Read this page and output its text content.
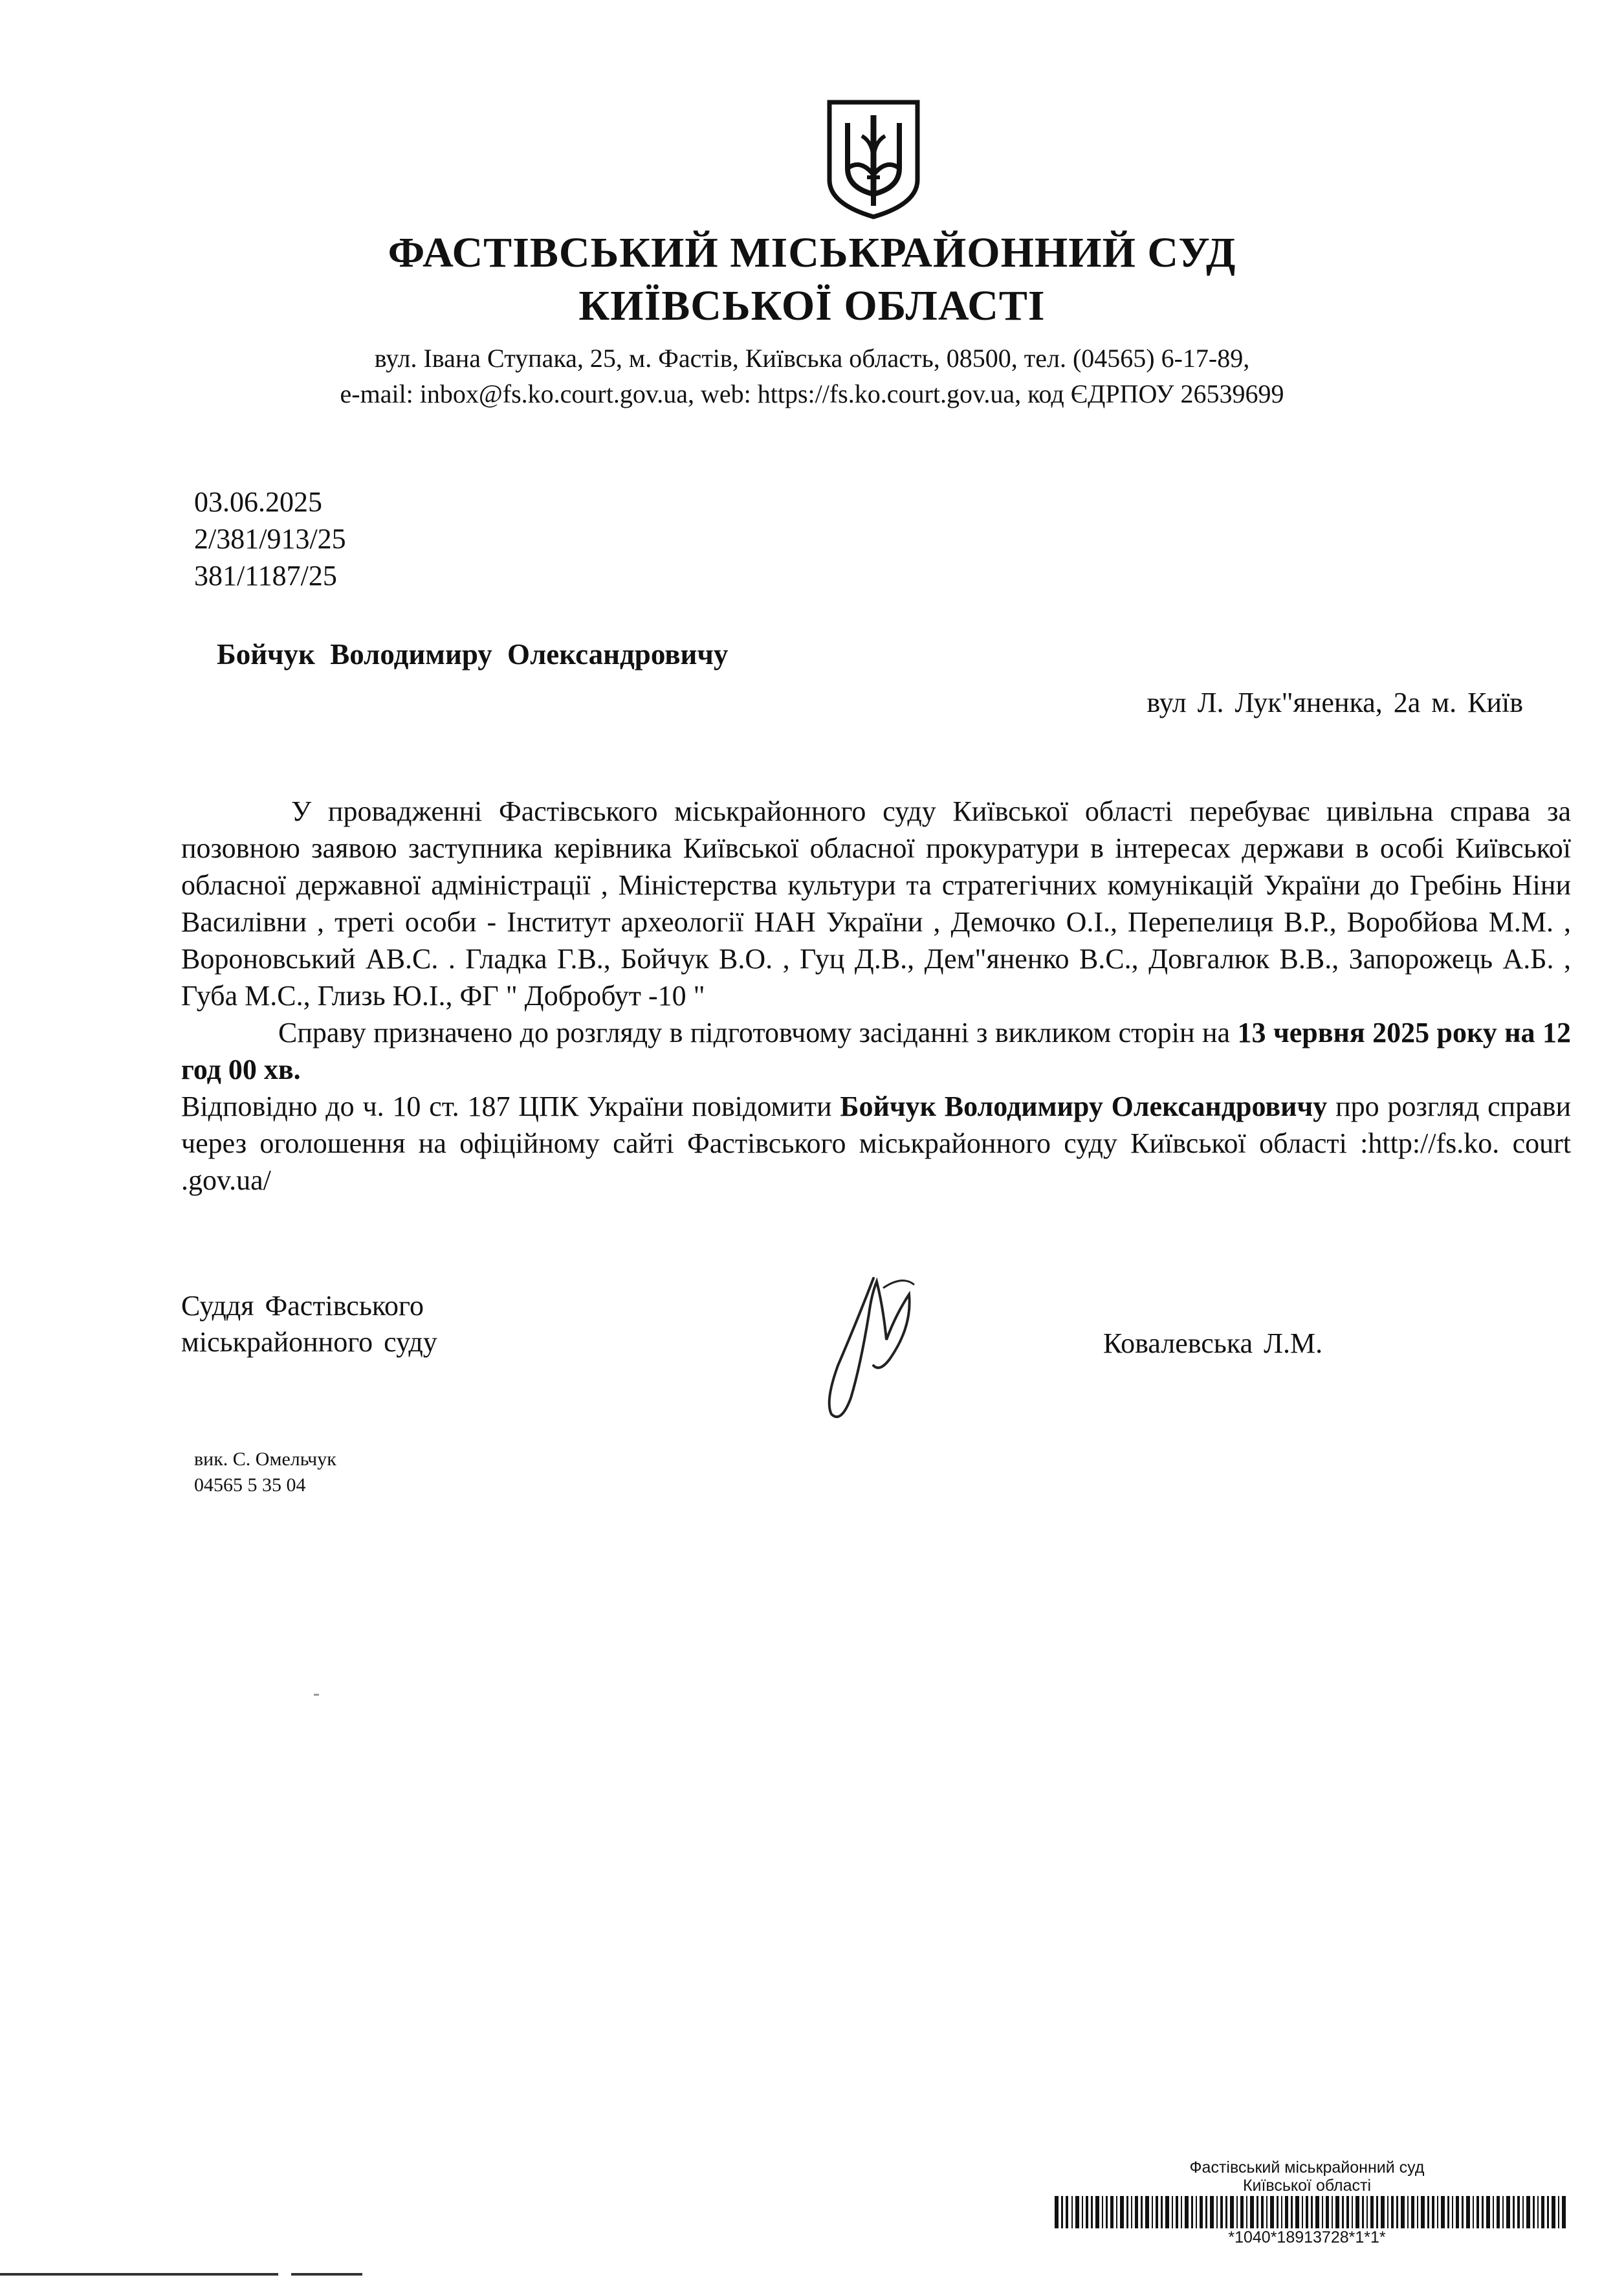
ФАСТІВСЬКИЙ МІСЬКРАЙОННИЙ СУД
КИЇВСЬКОЇ ОБЛАСТІ
вул. Івана Ступака, 25, м. Фастів, Київська область, 08500, тел. (04565) 6-17-89,
e-mail: inbox@fs.ko.court.gov.ua, web: https://fs.ko.court.gov.ua, код ЄДРПОУ 26539699
03.06.2025
2/381/913/25
381/1187/25
Бойчук Володимиру Олександровичу
вул Л. Лук"яненка, 2а м. Київ

У провадженні Фастівського міськрайонного суду Київської області перебуває цивільна справа за позовною заявою заступника керівника Київської обласної прокуратури в інтересах держави в особі Київської обласної державної адміністрації , Міністерства культури та стратегічних комунікацій України до Гребінь Ніни Василівни , треті особи - Інститут археології НАН України , Демочко О.І., Перепелиця В.Р., Воробйова М.М. , Вороновський АВ.С. . Гладка Г.В., Бойчук В.О. , Гуц Д.В., Дем"яненко В.С., Довгалюк В.В., Запорожець А.Б. , Губа М.С., Глизь Ю.І., ФГ " Добробут -10 "

Справу призначено до розгляду в підготовчому засіданні з викликом сторін на 13 червня 2025 року на 12 год 00 хв.

Відповідно до ч. 10 ст. 187 ЦПК України повідомити Бойчук Володимиру Олександровичу про розгляд справи через оголошення на офіційному сайті Фастівського міськрайонного суду Київської області :http://fs.ko. court .gov.ua/

Суддя Фастівського
міськрайонного суду	Ковалевська Л.М.
вик. С. Омельчук
04565 5 35 04
Фастівський міськрайонний суд
Київської області
*1040*18913728*1*1*
